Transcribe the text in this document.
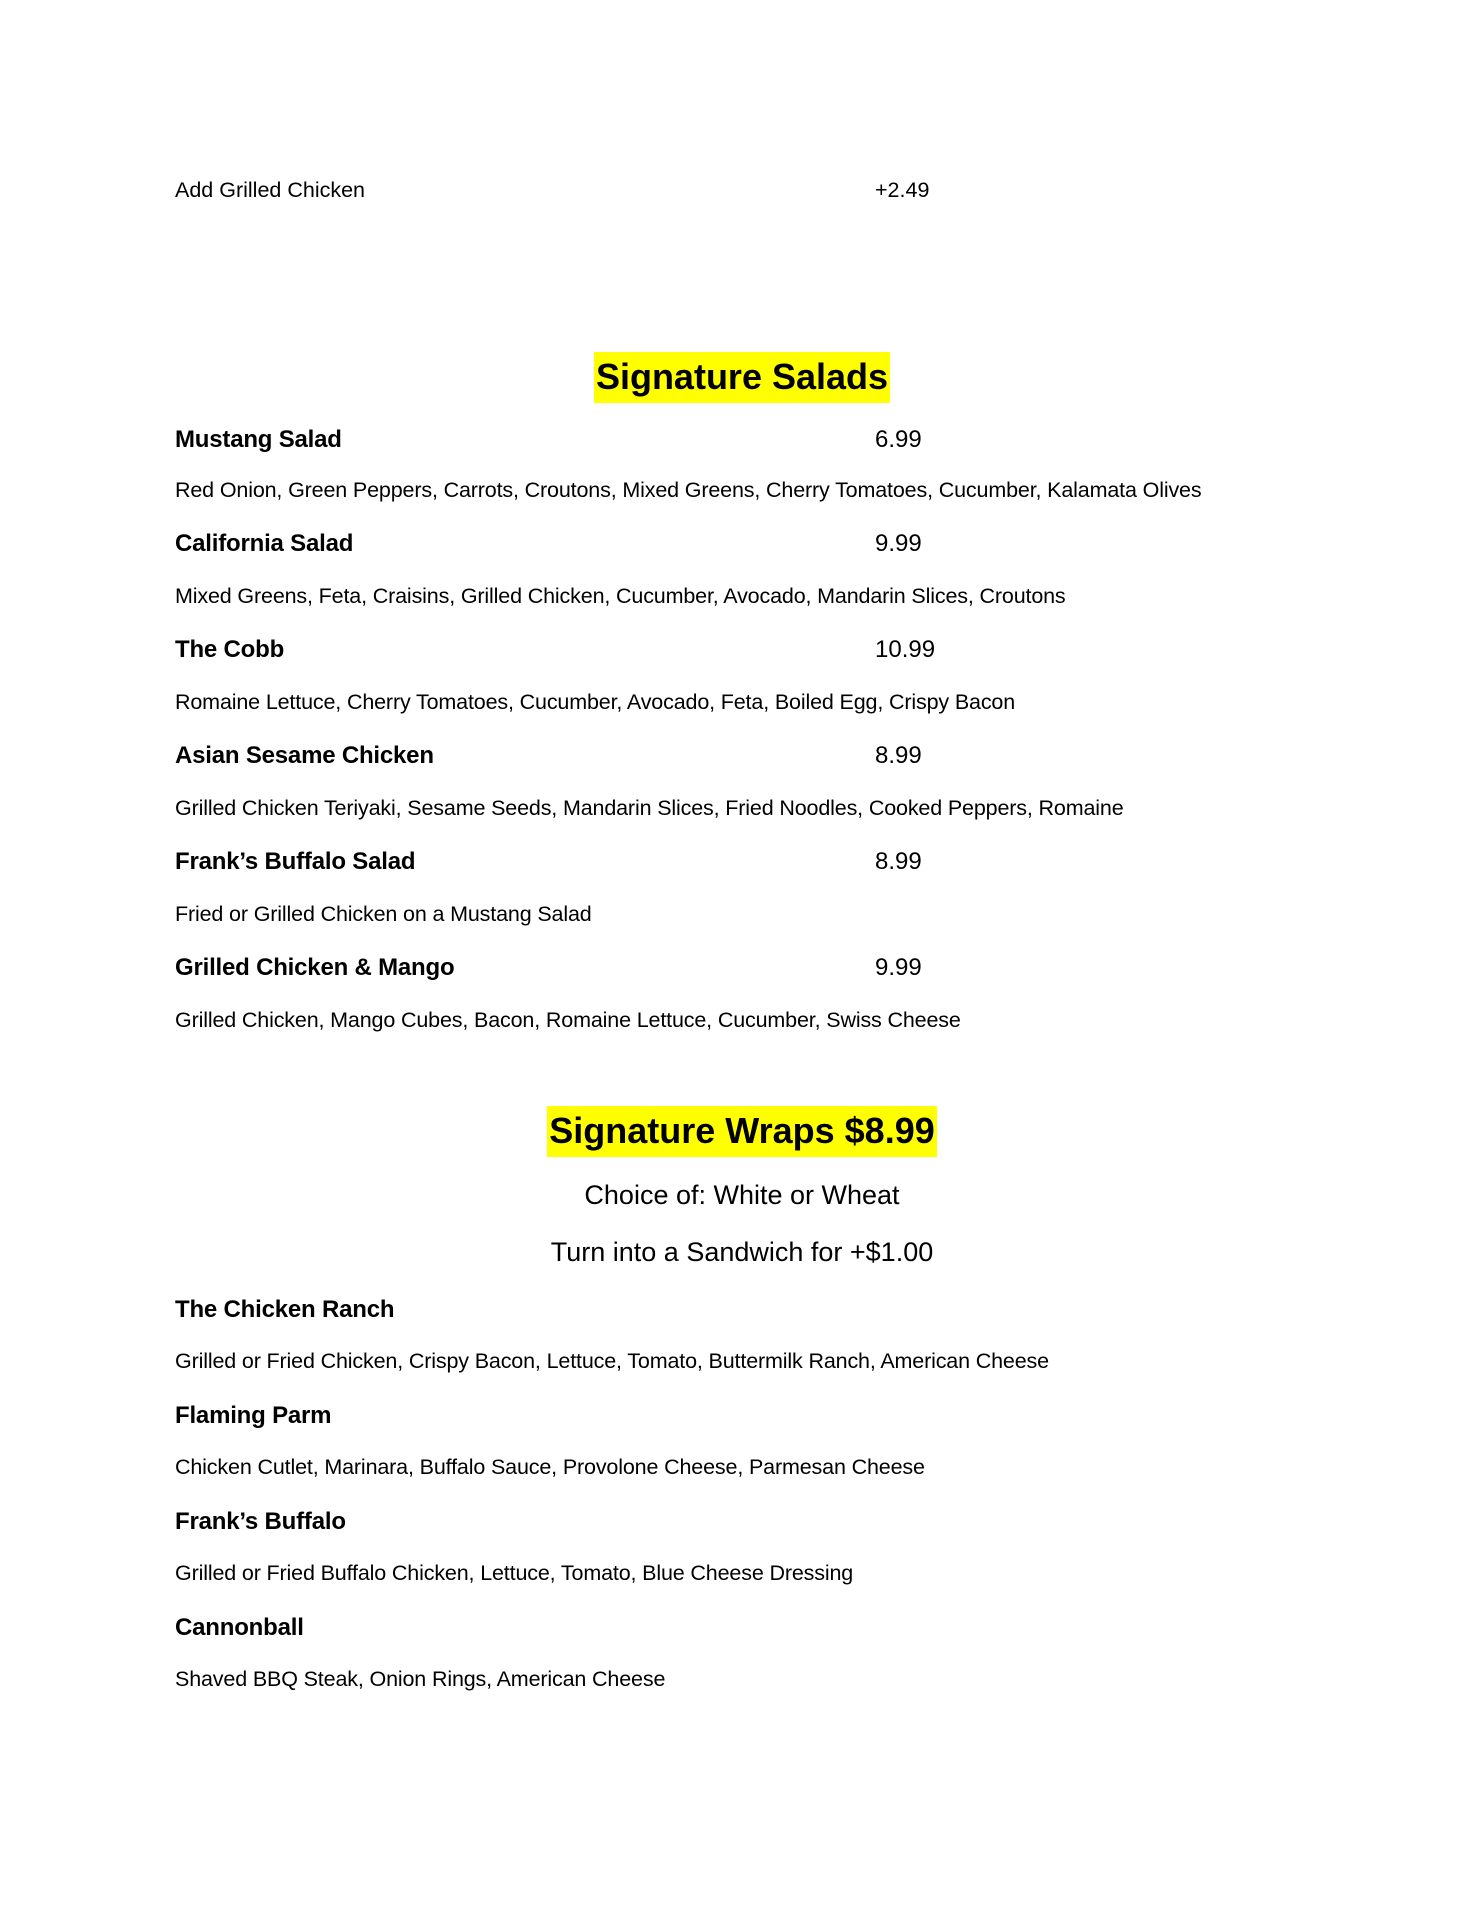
Add Grilled Chicken	+2.49
Signature Salads
Mustang Salad	6.99
Red Onion, Green Peppers, Carrots, Croutons, Mixed Greens, Cherry Tomatoes, Cucumber, Kalamata Olives
California Salad	9.99
Mixed Greens, Feta, Craisins, Grilled Chicken, Cucumber, Avocado, Mandarin Slices, Croutons
The Cobb	10.99
Romaine Lettuce, Cherry Tomatoes, Cucumber, Avocado, Feta, Boiled Egg, Crispy Bacon
Asian Sesame Chicken	8.99
Grilled Chicken Teriyaki, Sesame Seeds, Mandarin Slices, Fried Noodles, Cooked Peppers, Romaine
Frank’s Buffalo Salad	8.99
Fried or Grilled Chicken on a Mustang Salad
Grilled Chicken & Mango	9.99
Grilled Chicken, Mango Cubes, Bacon, Romaine Lettuce, Cucumber, Swiss Cheese
Signature Wraps $8.99
Choice of: White or Wheat
Turn into a Sandwich for +$1.00
The Chicken Ranch
Grilled or Fried Chicken, Crispy Bacon, Lettuce, Tomato, Buttermilk Ranch, American Cheese
Flaming Parm
Chicken Cutlet, Marinara, Buffalo Sauce, Provolone Cheese, Parmesan Cheese
Frank’s Buffalo
Grilled or Fried Buffalo Chicken, Lettuce, Tomato, Blue Cheese Dressing
Cannonball
Shaved BBQ Steak, Onion Rings, American Cheese
